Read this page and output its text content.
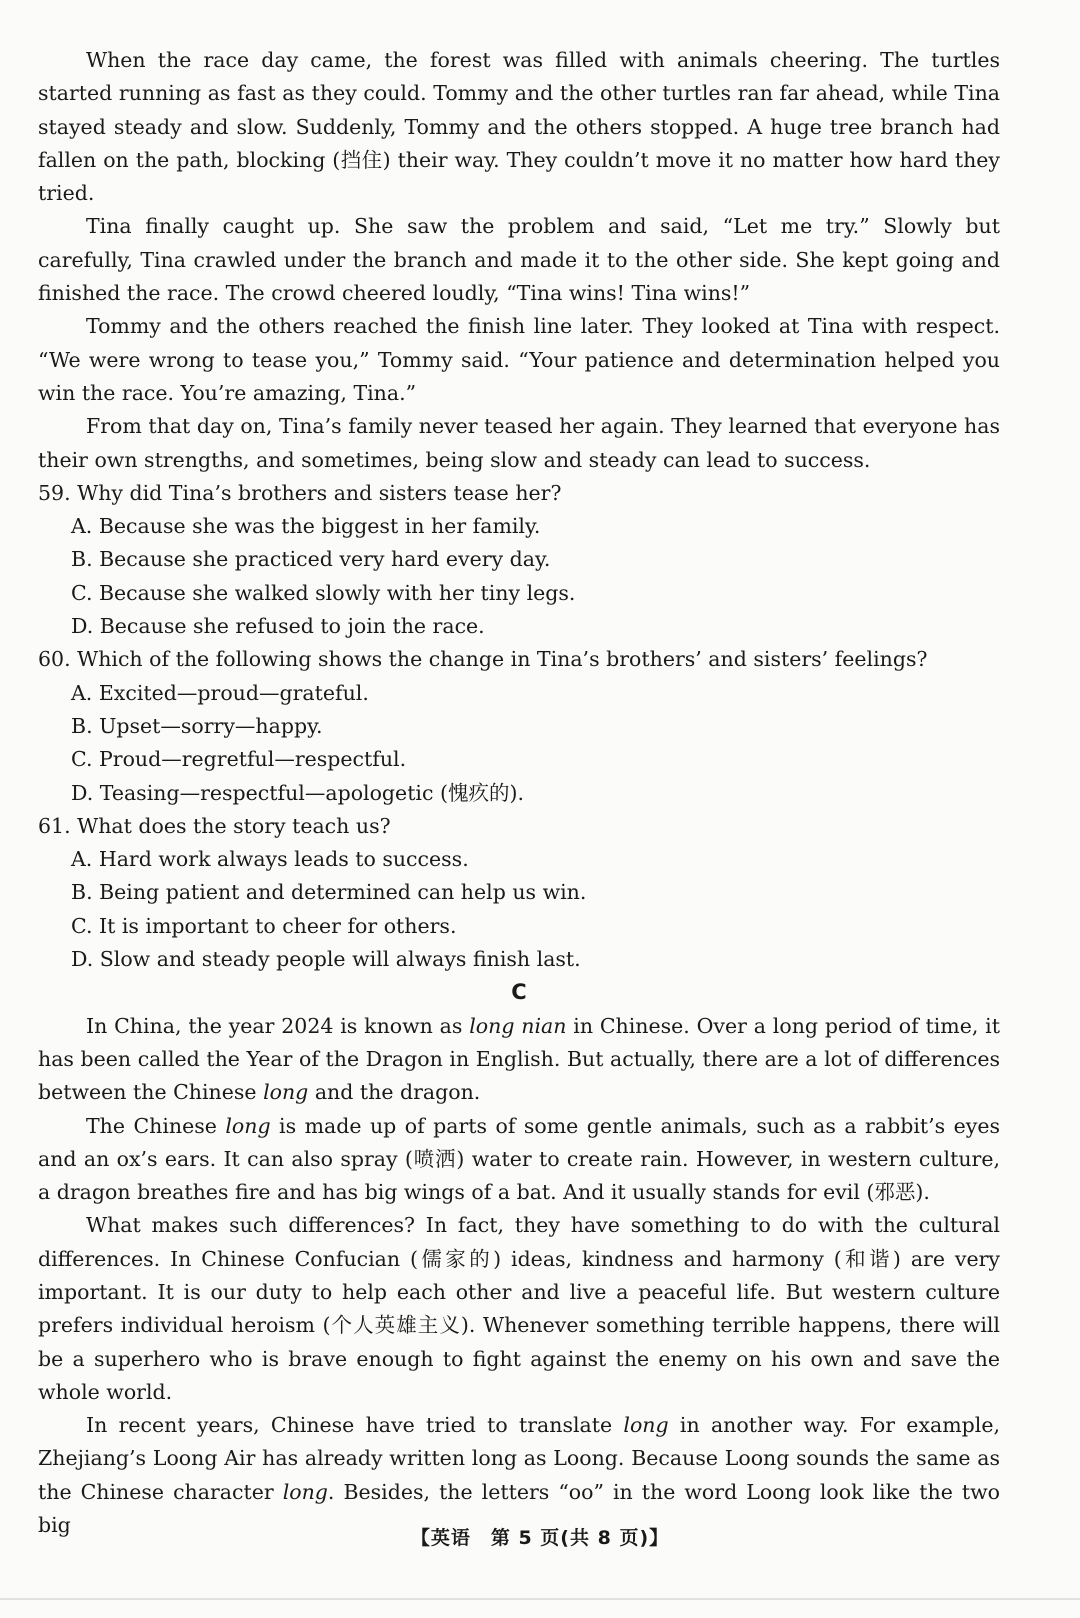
When the race day came, the forest was filled with animals cheering. The turtles started running as fast as they could. Tommy and the other turtles ran far ahead, while Tina stayed steady and slow. Suddenly, Tommy and the others stopped. A huge tree branch had fallen on the path, blocking (挡住) their way. They couldn’t move it no matter how hard they tried.

Tina finally caught up. She saw the problem and said, “Let me try.” Slowly but carefully, Tina crawled under the branch and made it to the other side. She kept going and finished the race. The crowd cheered loudly, “Tina wins! Tina wins!”

Tommy and the others reached the finish line later. They looked at Tina with respect. “We were wrong to tease you,” Tommy said. “Your patience and determination helped you win the race. You’re amazing, Tina.”

From that day on, Tina’s family never teased her again. They learned that everyone has their own strengths, and sometimes, being slow and steady can lead to success.

59. Why did Tina’s brothers and sisters tease her?

A. Because she was the biggest in her family.

B. Because she practiced very hard every day.

C. Because she walked slowly with her tiny legs.

D. Because she refused to join the race.

60. Which of the following shows the change in Tina’s brothers’ and sisters’ feelings?

A. Excited—proud—grateful.

B. Upset—sorry—happy.

C. Proud—regretful—respectful.

D. Teasing—respectful—apologetic (愧疚的).

61. What does the story teach us?

A. Hard work always leads to success.

B. Being patient and determined can help us win.

C. It is important to cheer for others.

D. Slow and steady people will always finish last.

C

In China, the year 2024 is known as long nian in Chinese. Over a long period of time, it has been called the Year of the Dragon in English. But actually, there are a lot of differences between the Chinese long and the dragon.

The Chinese long is made up of parts of some gentle animals, such as a rabbit’s eyes and an ox’s ears. It can also spray (喷洒) water to create rain. However, in western culture, a dragon breathes fire and has big wings of a bat. And it usually stands for evil (邪恶).

What makes such differences? In fact, they have something to do with the cultural differences. In Chinese Confucian (儒家的) ideas, kindness and harmony (和谐) are very important. It is our duty to help each other and live a peaceful life. But western culture prefers individual heroism (个人英雄主义). Whenever something terrible happens, there will be a superhero who is brave enough to fight against the enemy on his own and save the whole world.

In recent years, Chinese have tried to translate long in another way. For example, Zhejiang’s Loong Air has already written long as Loong. Because Loong sounds the same as the Chinese character long. Besides, the letters “oo” in the word Loong look like the two big

【英语　第 5 页(共 8 页)】
